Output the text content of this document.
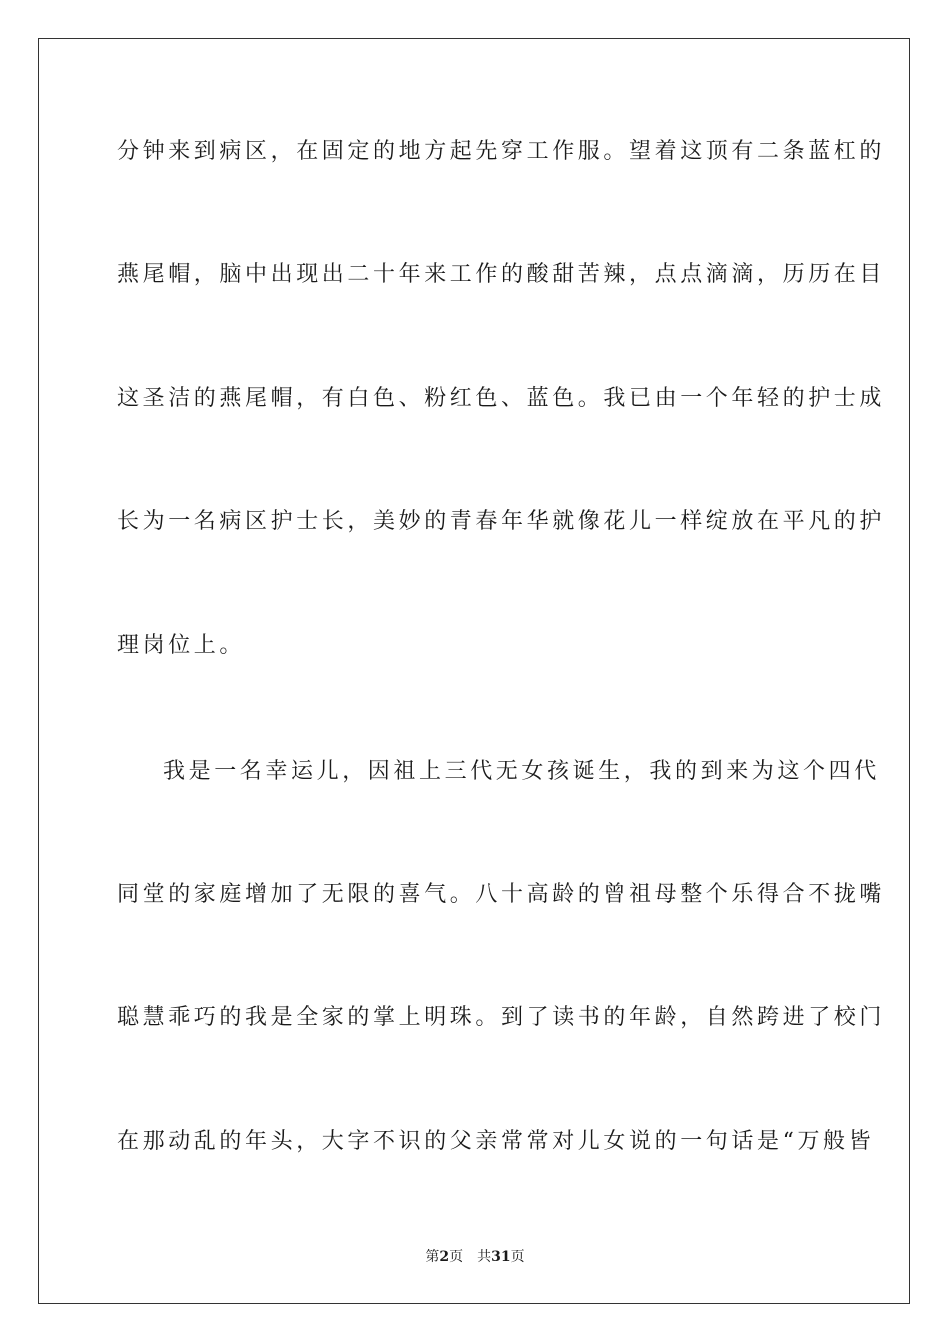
分钟来到病区，在固定的地方起先穿工作服。望着这顶有二条蓝杠的
燕尾帽，脑中出现出二十年来工作的酸甜苦辣，点点滴滴，历历在目
这圣洁的燕尾帽，有白色、粉红色、蓝色。我已由一个年轻的护士成
长为一名病区护士长，美妙的青春年华就像花儿一样绽放在平凡的护
理岗位上。
我是一名幸运儿，因祖上三代无女孩诞生，我的到来为这个四代
同堂的家庭增加了无限的喜气。八十高龄的曾祖母整个乐得合不拢嘴
聪慧乖巧的我是全家的掌上明珠。到了读书的年龄，自然跨进了校门
在那动乱的年头，大字不识的父亲常常对儿女说的一句话是“万般皆
第2页 共31页
